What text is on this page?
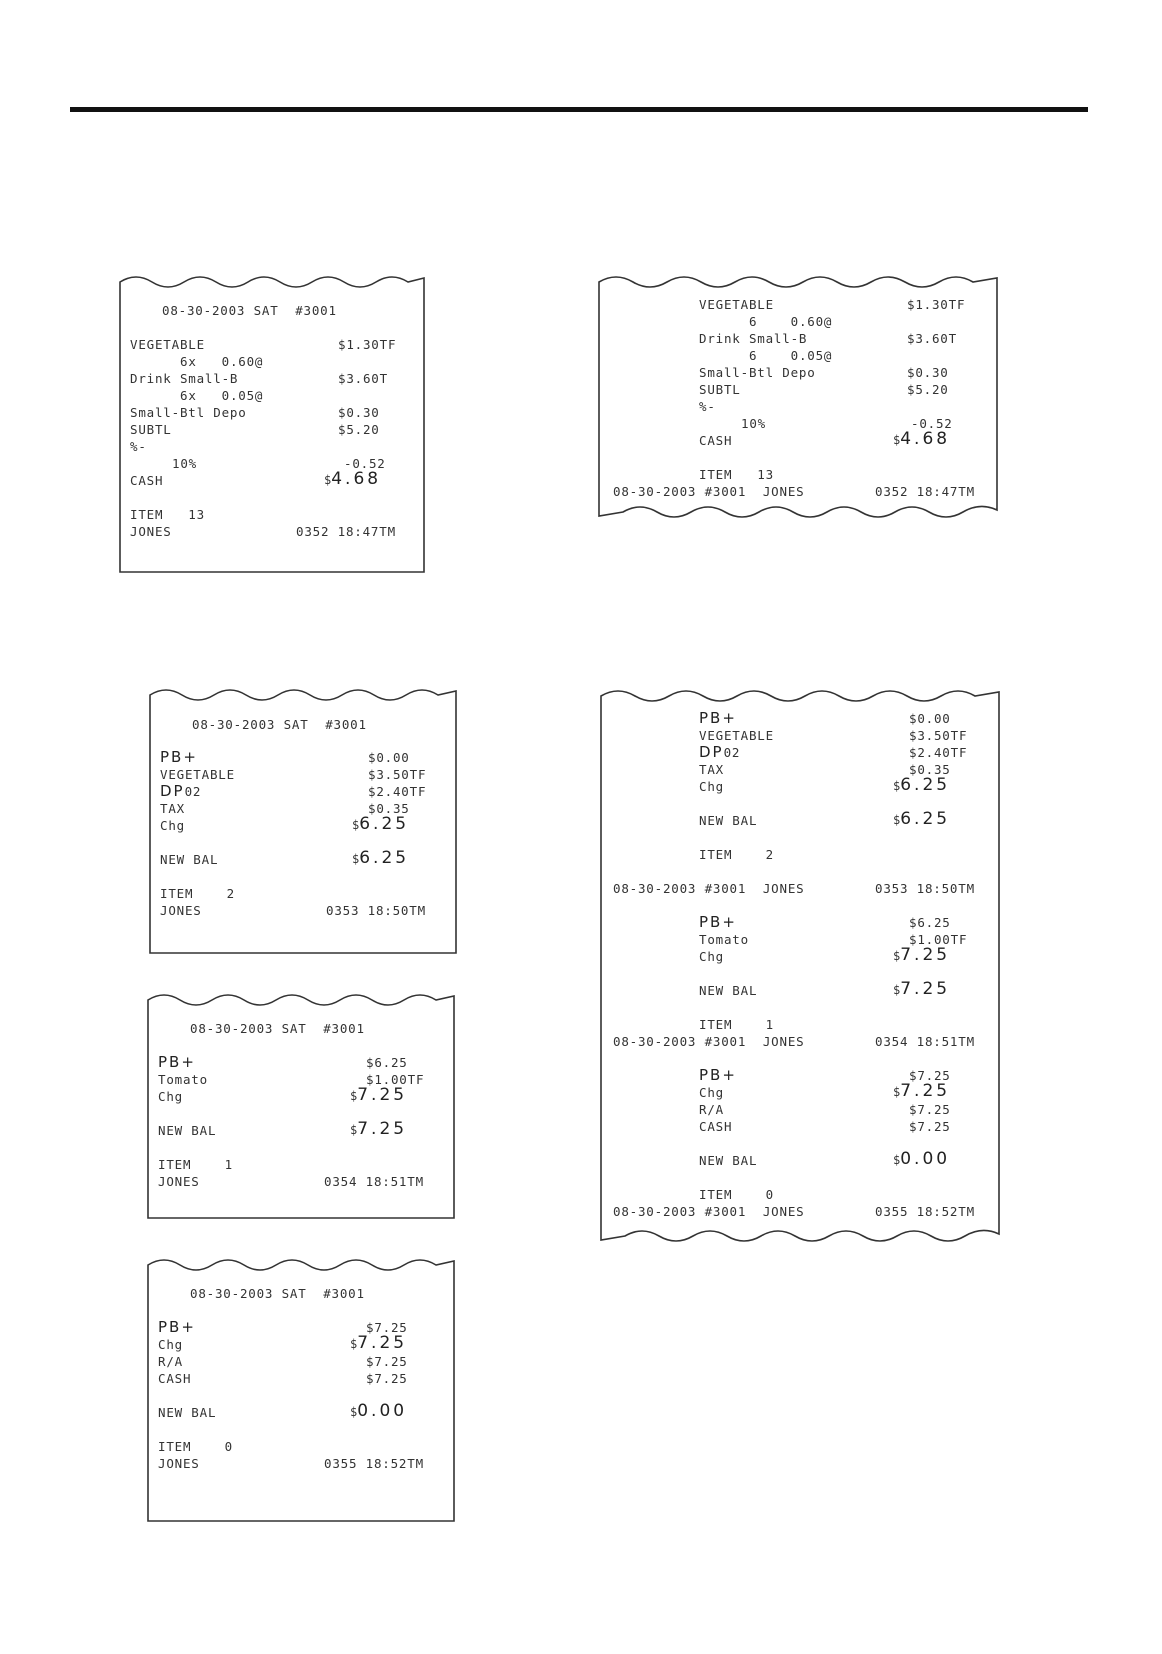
08-30-2003 SAT  #3001
VEGETABLE	$1.30TF
6x   0.60@
Drink Small-B	$3.60T
6x   0.05@
Small-Btl Depo	$0.30
SUBTL	$5.20
%-
10%	-0.52
CASH	$4.68
ITEM   13
JONES	0352 18:47TM
VEGETABLE	$1.30TF
6    0.60@
Drink Small-B	$3.60T
6    0.05@
Small-Btl Depo	$0.30
SUBTL	$5.20
%-
10%	-0.52
CASH	$4.68
ITEM   13
08-30-2003 #3001  JONES	0352 18:47TM
08-30-2003 SAT  #3001
PB+	$0.00
VEGETABLE	$3.50TF
DP02	$2.40TF
TAX	$0.35
Chg	$6.25
NEW BAL	$6.25
ITEM    2
JONES	0353 18:50TM
08-30-2003 SAT  #3001
PB+	$6.25
Tomato	$1.00TF
Chg	$7.25
NEW BAL	$7.25
ITEM    1
JONES	0354 18:51TM
08-30-2003 SAT  #3001
PB+	$7.25
Chg	$7.25
R/A	$7.25
CASH	$7.25
NEW BAL	$0.00
ITEM    0
JONES	0355 18:52TM
PB+	$0.00
VEGETABLE	$3.50TF
DP02	$2.40TF
TAX	$0.35
Chg	$6.25
NEW BAL	$6.25
ITEM    2
08-30-2003 #3001  JONES	0353 18:50TM
PB+	$6.25
Tomato	$1.00TF
Chg	$7.25
NEW BAL	$7.25
ITEM    1
08-30-2003 #3001  JONES	0354 18:51TM
PB+	$7.25
Chg	$7.25
R/A	$7.25
CASH	$7.25
NEW BAL	$0.00
ITEM    0
08-30-2003 #3001  JONES	0355 18:52TM
